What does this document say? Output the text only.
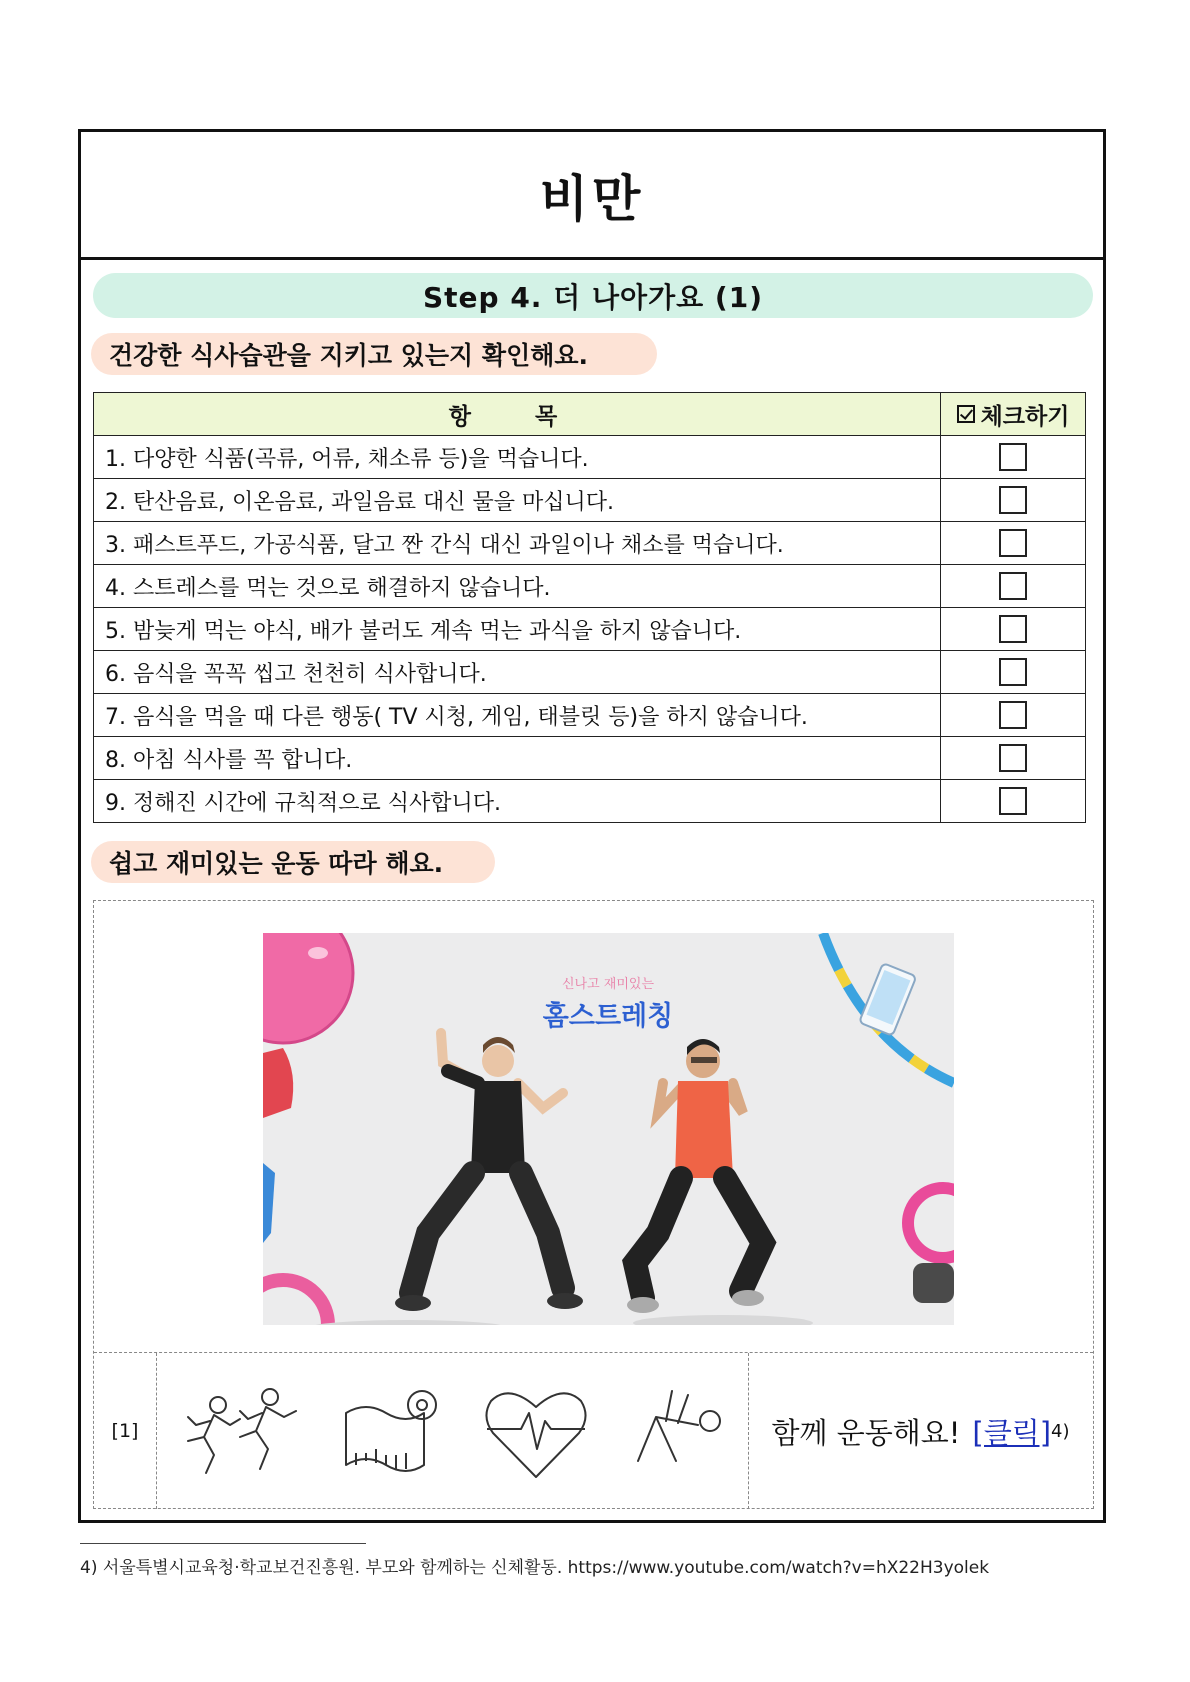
비만
Step 4. 더 나아가요 (1)
건강한 식사습관을 지키고 있는지 확인해요.
항 목	체크하기

1. 다양한 식품(곡류, 어류, 채소류 등)을 먹습니다.	
2. 탄산음료, 이온음료, 과일음료 대신 물을 마십니다.	
3. 패스트푸드, 가공식품, 달고 짠 간식 대신 과일이나 채소를 먹습니다.	
4. 스트레스를 먹는 것으로 해결하지 않습니다.	
5. 밤늦게 먹는 야식, 배가 불러도 계속 먹는 과식을 하지 않습니다.	
6. 음식을 꼭꼭 씹고 천천히 식사합니다.	
7. 음식을 먹을 때 다른 행동( TV 시청, 게임, 태블릿 등)을 하지 않습니다.	
8. 아침 식사를 꼭 합니다.	
9. 정해진 시간에 규칙적으로 식사합니다.	
쉽고 재미있는 운동 따라 해요.
신나고 재미있는
홈스트레칭
[1]	함께 운동해요! [클릭] 4)
4) 서울특별시교육청·학교보건진흥원. 부모와 함께하는 신체활동. https://www.youtube.com/watch?v=hX22H3yolek
